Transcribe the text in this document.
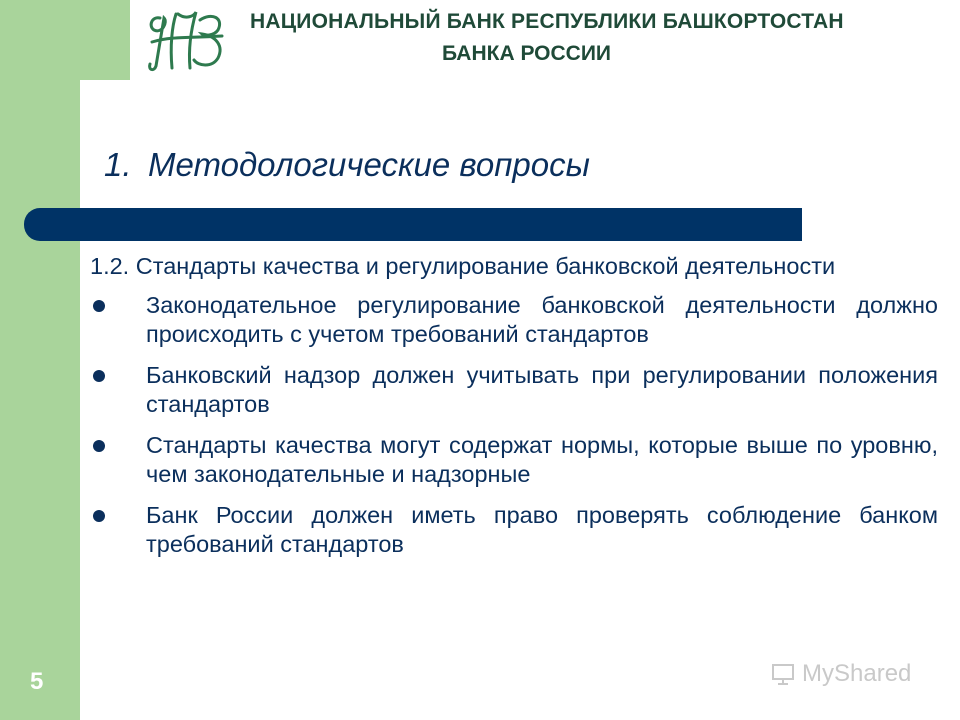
НАЦИОНАЛЬНЫЙ БАНК РЕСПУБЛИКИ БАШКОРТОСТАН
БАНКА РОССИИ
1. Методологические вопросы
1.2. Стандарты качества и регулирование банковской деятельности
Законодательное регулирование банковской деятельности должно происходить с учетом требований стандартов
Банковский надзор должен учитывать при регулировании положения стандартов
Стандарты качества могут содержат нормы, которые выше по уровню, чем законодательные и надзорные
Банк России должен иметь право проверять соблюдение банком требований стандартов
5	MyShared
